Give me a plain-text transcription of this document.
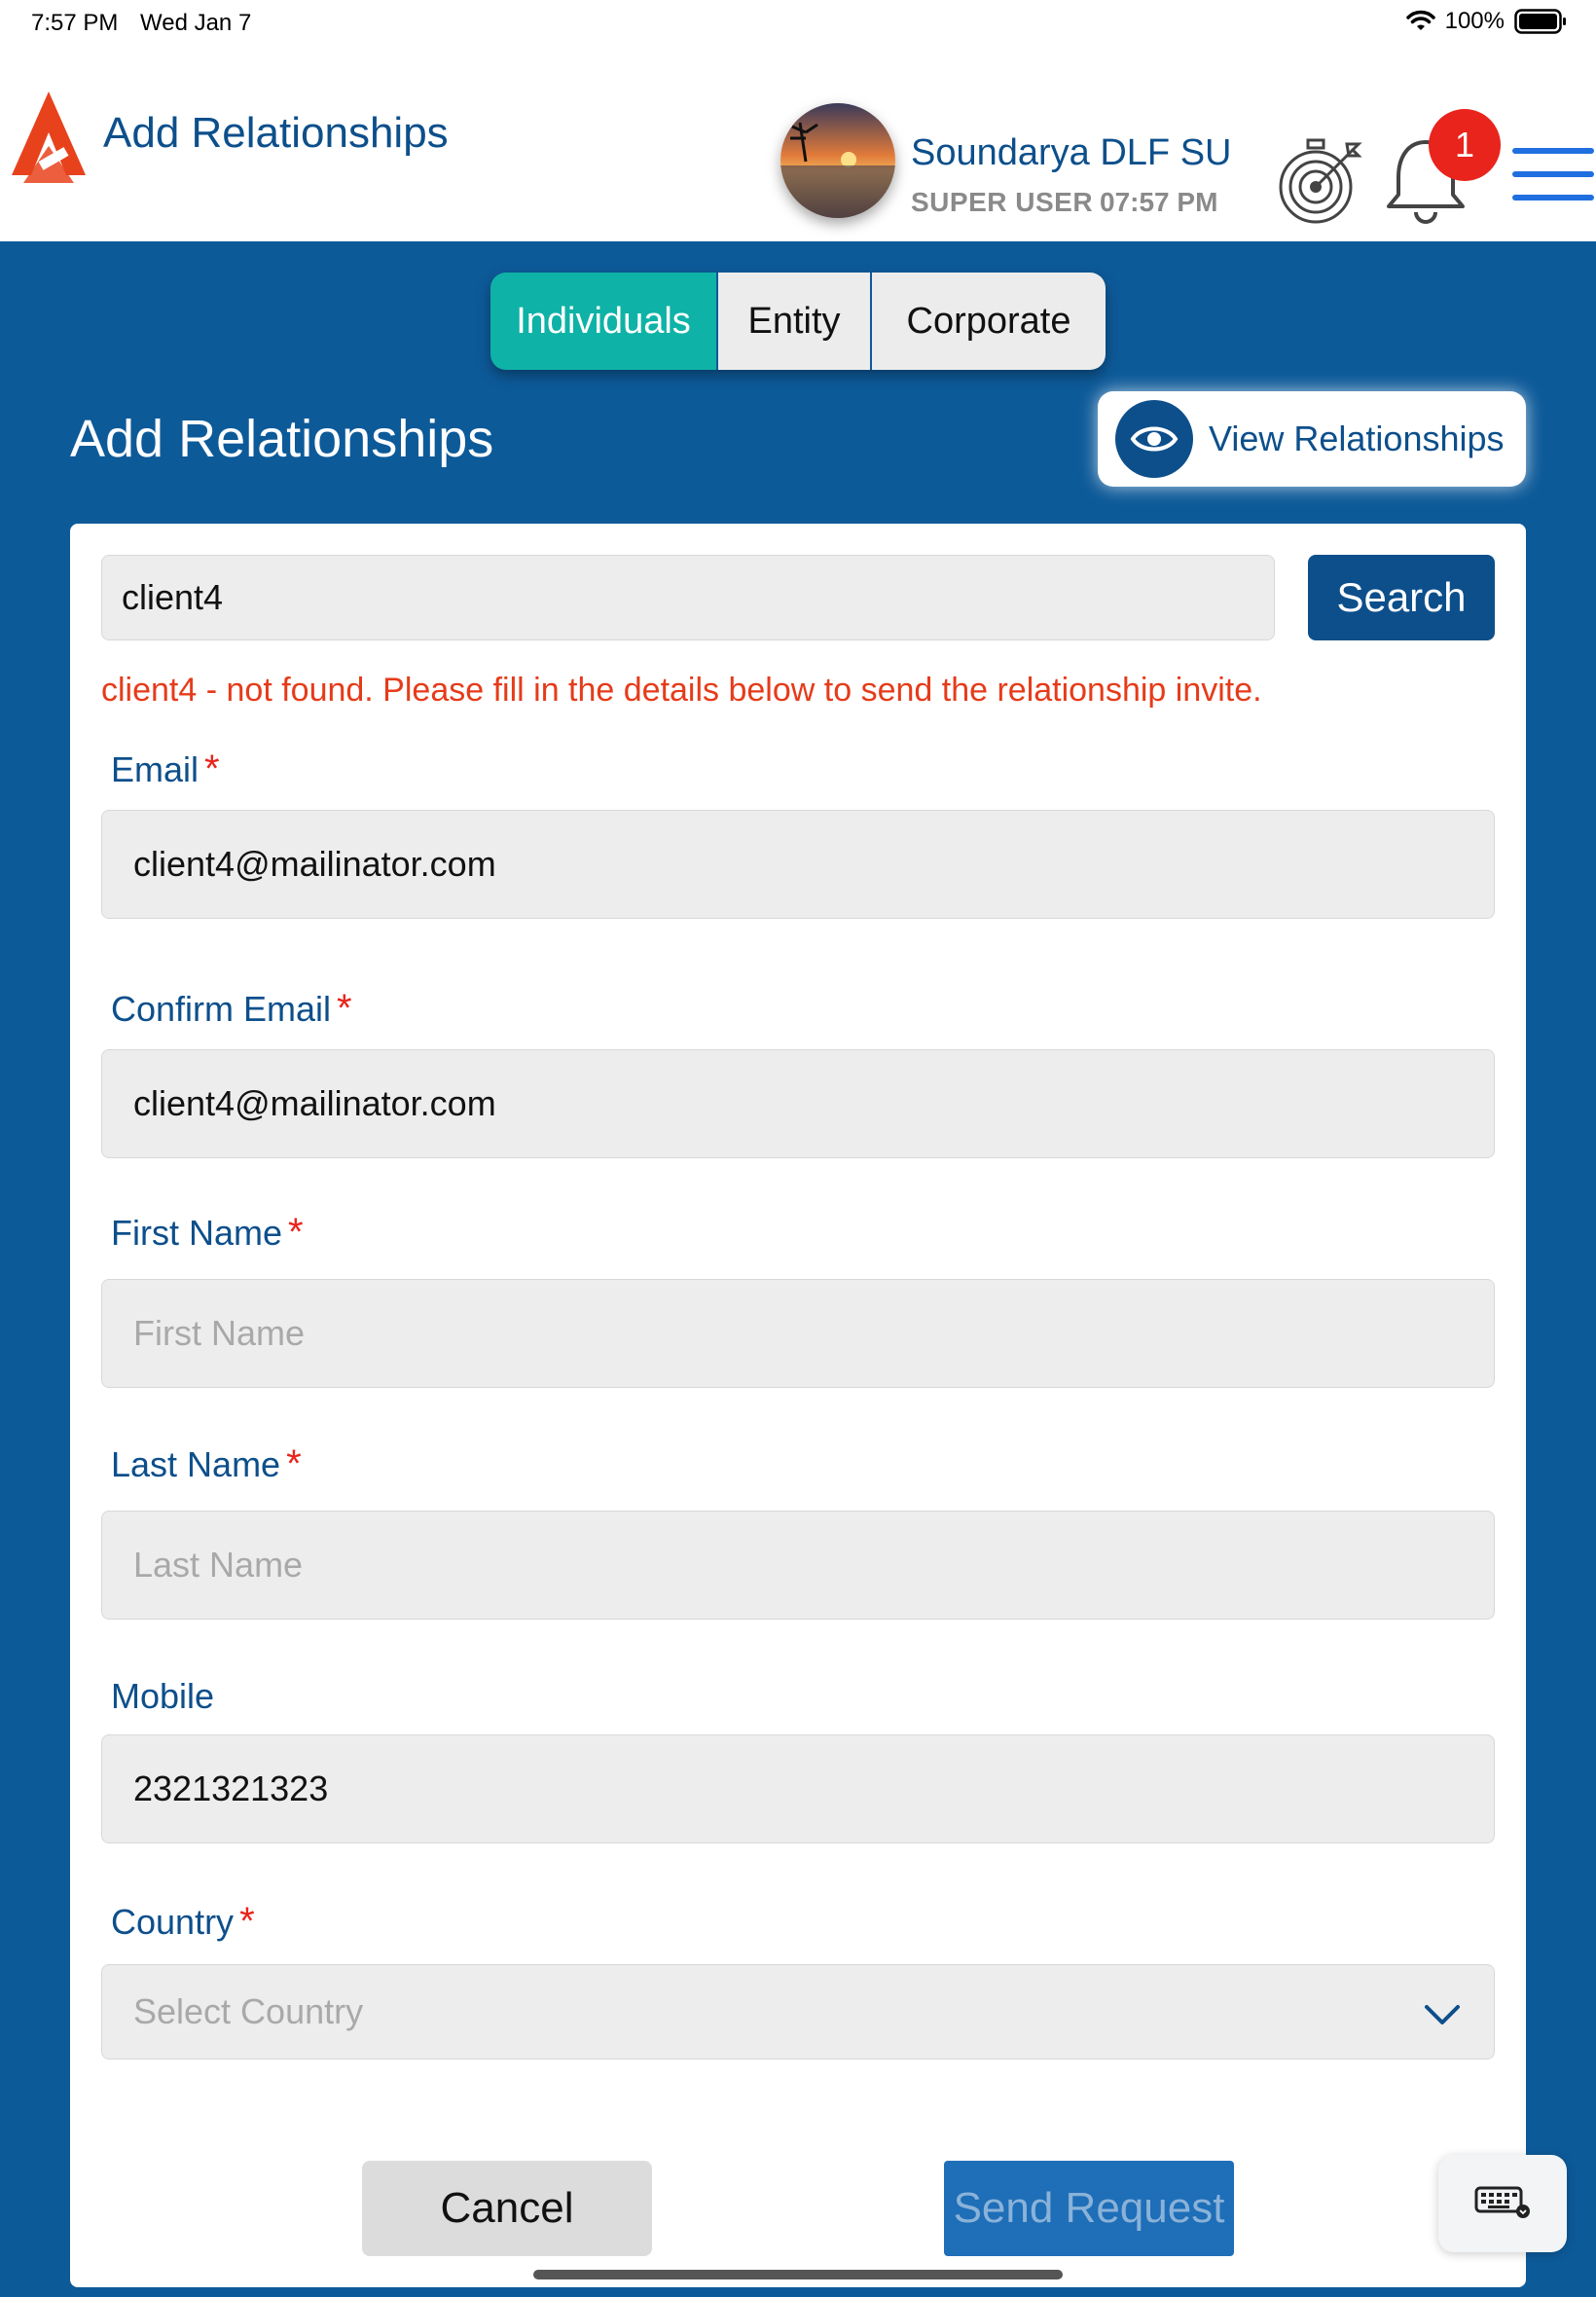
7:57 PM Wed Jan 7	100%
Add Relationships	Soundarya DLF SU
SUPER USER 07:57 PM
1
Individuals	Entity	Corporate
Add Relationships	View Relationships
client4	Search
client4 - not found. Please fill in the details below to send the relationship invite.
Email *
client4@mailinator.com
Confirm Email *
client4@mailinator.com
First Name *
First Name
Last Name *
Last Name
Mobile
2321321323
Country *
Select Country
Cancel	Send Request
